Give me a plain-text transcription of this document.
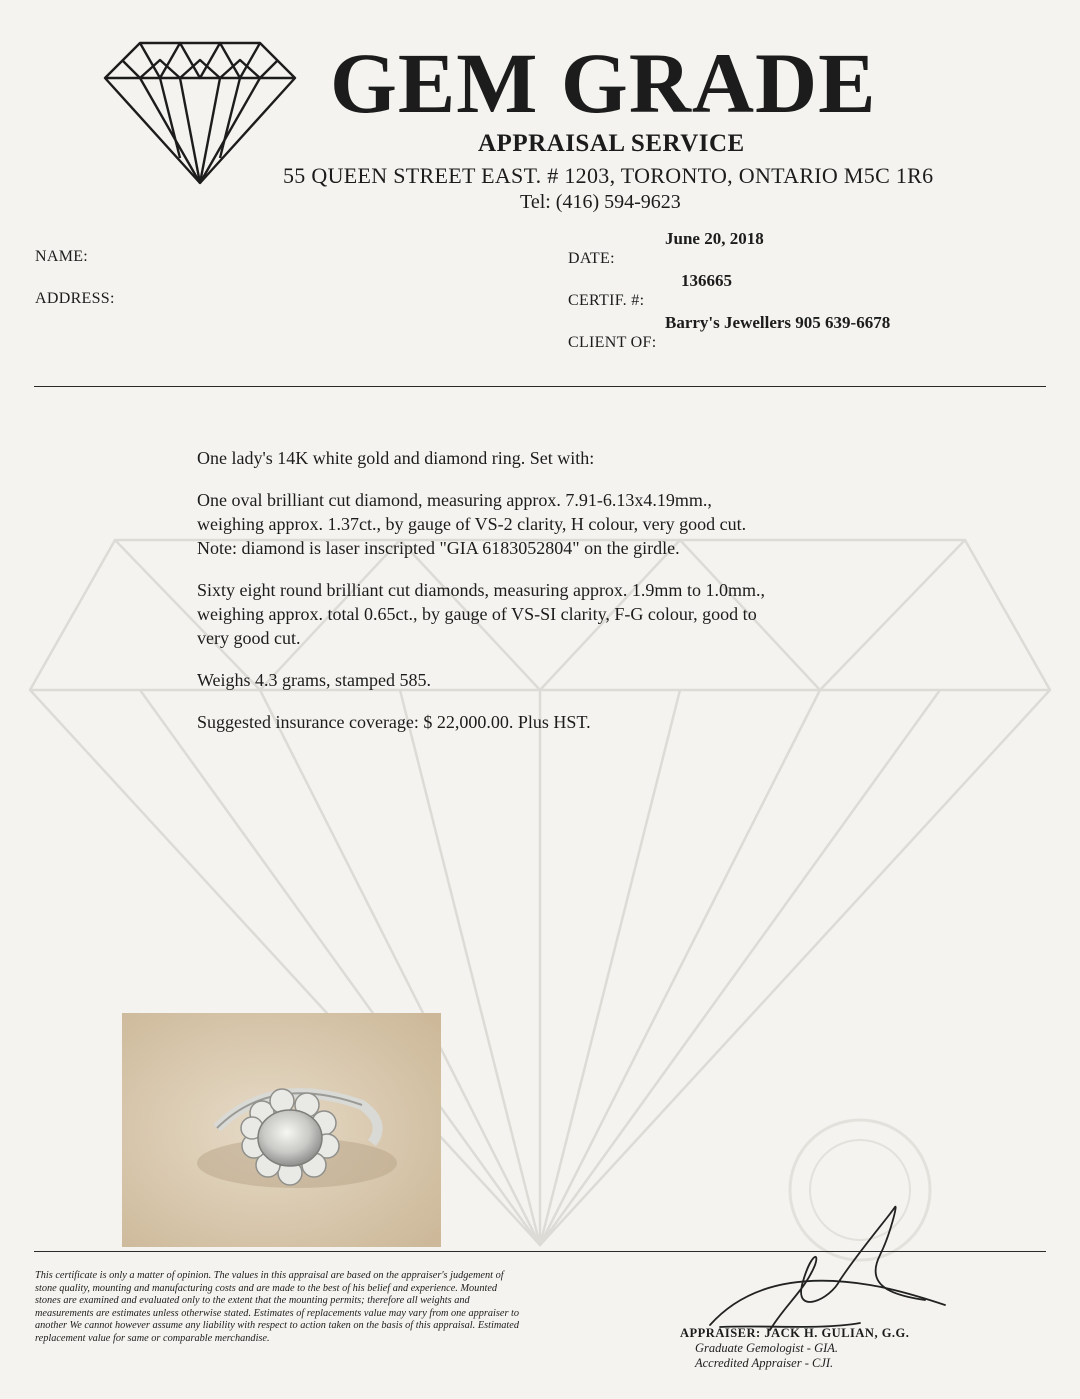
GEM GRADE
APPRAISAL SERVICE
55 QUEEN STREET EAST. # 1203, TORONTO, ONTARIO M5C 1R6
Tel: (416) 594-9623
NAME:
ADDRESS:
June 20, 2018
DATE:
136665
CERTIF. #:
Barry's Jewellers 905 639-6678
CLIENT OF:

One lady's 14K white gold and diamond ring. Set with:

One oval brilliant cut diamond, measuring approx. 7.91-6.13x4.19mm.,
weighing approx. 1.37ct., by gauge of VS-2 clarity, H colour, very good cut.
Note: diamond is laser inscripted "GIA 6183052804" on the girdle.

Sixty eight round brilliant cut diamonds, measuring approx. 1.9mm to 1.0mm.,
weighing approx. total 0.65ct., by gauge of VS-SI clarity, F-G colour, good to
very good cut.

Weighs 4.3 grams, stamped 585.

Suggested insurance coverage: $ 22,000.00. Plus HST.

This certificate is only a matter of opinion. The values in this appraisal are based on the appraiser's judgement of stone quality, mounting and manufacturing costs and are made to the best of his belief and experience. Mounted stones are examined and evaluated only to the extent that the mounting permits; therefore all weights and measurements are estimates unless otherwise stated. Estimates of replacements value may vary from one appraiser to another We cannot however assume any liability with respect to action taken on the basis of this appraisal. Estimated replacement value for same or comparable merchandise.	APPRAISER: JACK H. GULIAN, G.G.
Graduate Gemologist - GIA.
Accredited Appraiser - CJI.
